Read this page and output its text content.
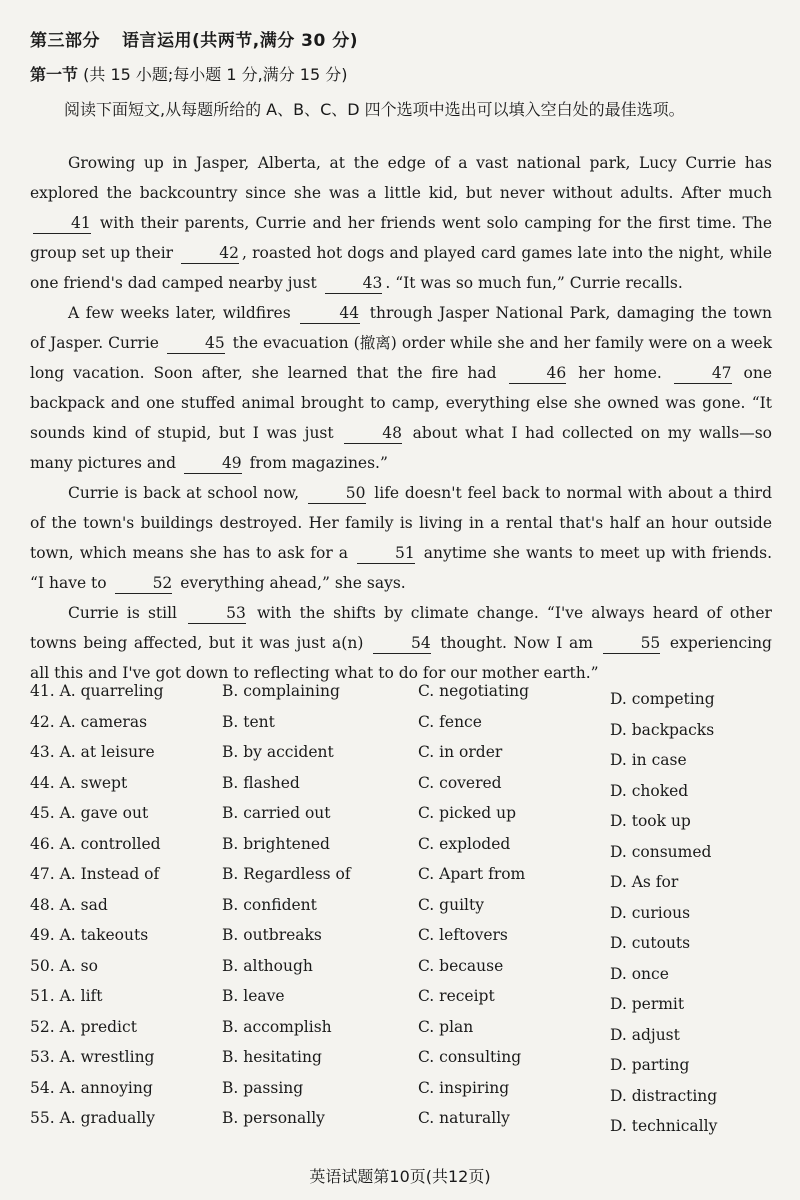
第三部分 语言运用(共两节,满分 30 分)
第一节 (共 15 小题;每小题 1 分,满分 15 分)
阅读下面短文,从每题所给的 A、B、C、D 四个选项中选出可以填入空白处的最佳选项。

Growing up in Jasper, Alberta, at the edge of a vast national park, Lucy Currie has explored the backcountry since she was a little kid, but never without adults. After much 41 with their parents, Currie and her friends went solo camping for the first time. The group set up their	42 , roasted hot dogs and played card games late into the night, while one friend's dad camped nearby just	43 . “It was so much fun,” Currie recalls.

A few weeks later, wildfires	44 through Jasper National Park, damaging the town of Jasper. Currie	45 the evacuation (撤离) order while she and her family were on a week long vacation. Soon after, she learned that the fire had	46 her home.	47 one backpack and one stuffed animal brought to camp, everything else she owned was gone. “It sounds kind of stupid, but I was just	48 about what I had collected on my walls—so many pictures and	49 from magazines.”

Currie is back at school now,	50 life doesn't feel back to normal with about a third of the town's buildings destroyed. Her family is living in a rental that's half an hour outside town, which means she has to ask for a	51 anytime she wants to meet up with friends. “I have to	52 everything ahead,” she says.

Currie is still	53 with the shifts by climate change. “I've always heard of other towns being affected, but it was just a(n)	54 thought. Now I am	55 experiencing all this and I've got down to reflecting what to do for our mother earth.”

41. A. quarreling	B. complaining	C. negotiating	D. competing
42. A. cameras	B. tent	C. fence	D. backpacks
43. A. at leisure	B. by accident	C. in order	D. in case
44. A. swept	B. flashed	C. covered	D. choked
45. A. gave out	B. carried out	C. picked up	D. took up
46. A. controlled	B. brightened	C. exploded	D. consumed
47. A. Instead of	B. Regardless of	C. Apart from	D. As for
48. A. sad	B. confident	C. guilty	D. curious
49. A. takeouts	B. outbreaks	C. leftovers	D. cutouts
50. A. so	B. although	C. because	D. once
51. A. lift	B. leave	C. receipt	D. permit
52. A. predict	B. accomplish	C. plan	D. adjust
53. A. wrestling	B. hesitating	C. consulting	D. parting
54. A. annoying	B. passing	C. inspiring	D. distracting
55. A. gradually	B. personally	C. naturally	D. technically
英语试题第10页(共12页)
